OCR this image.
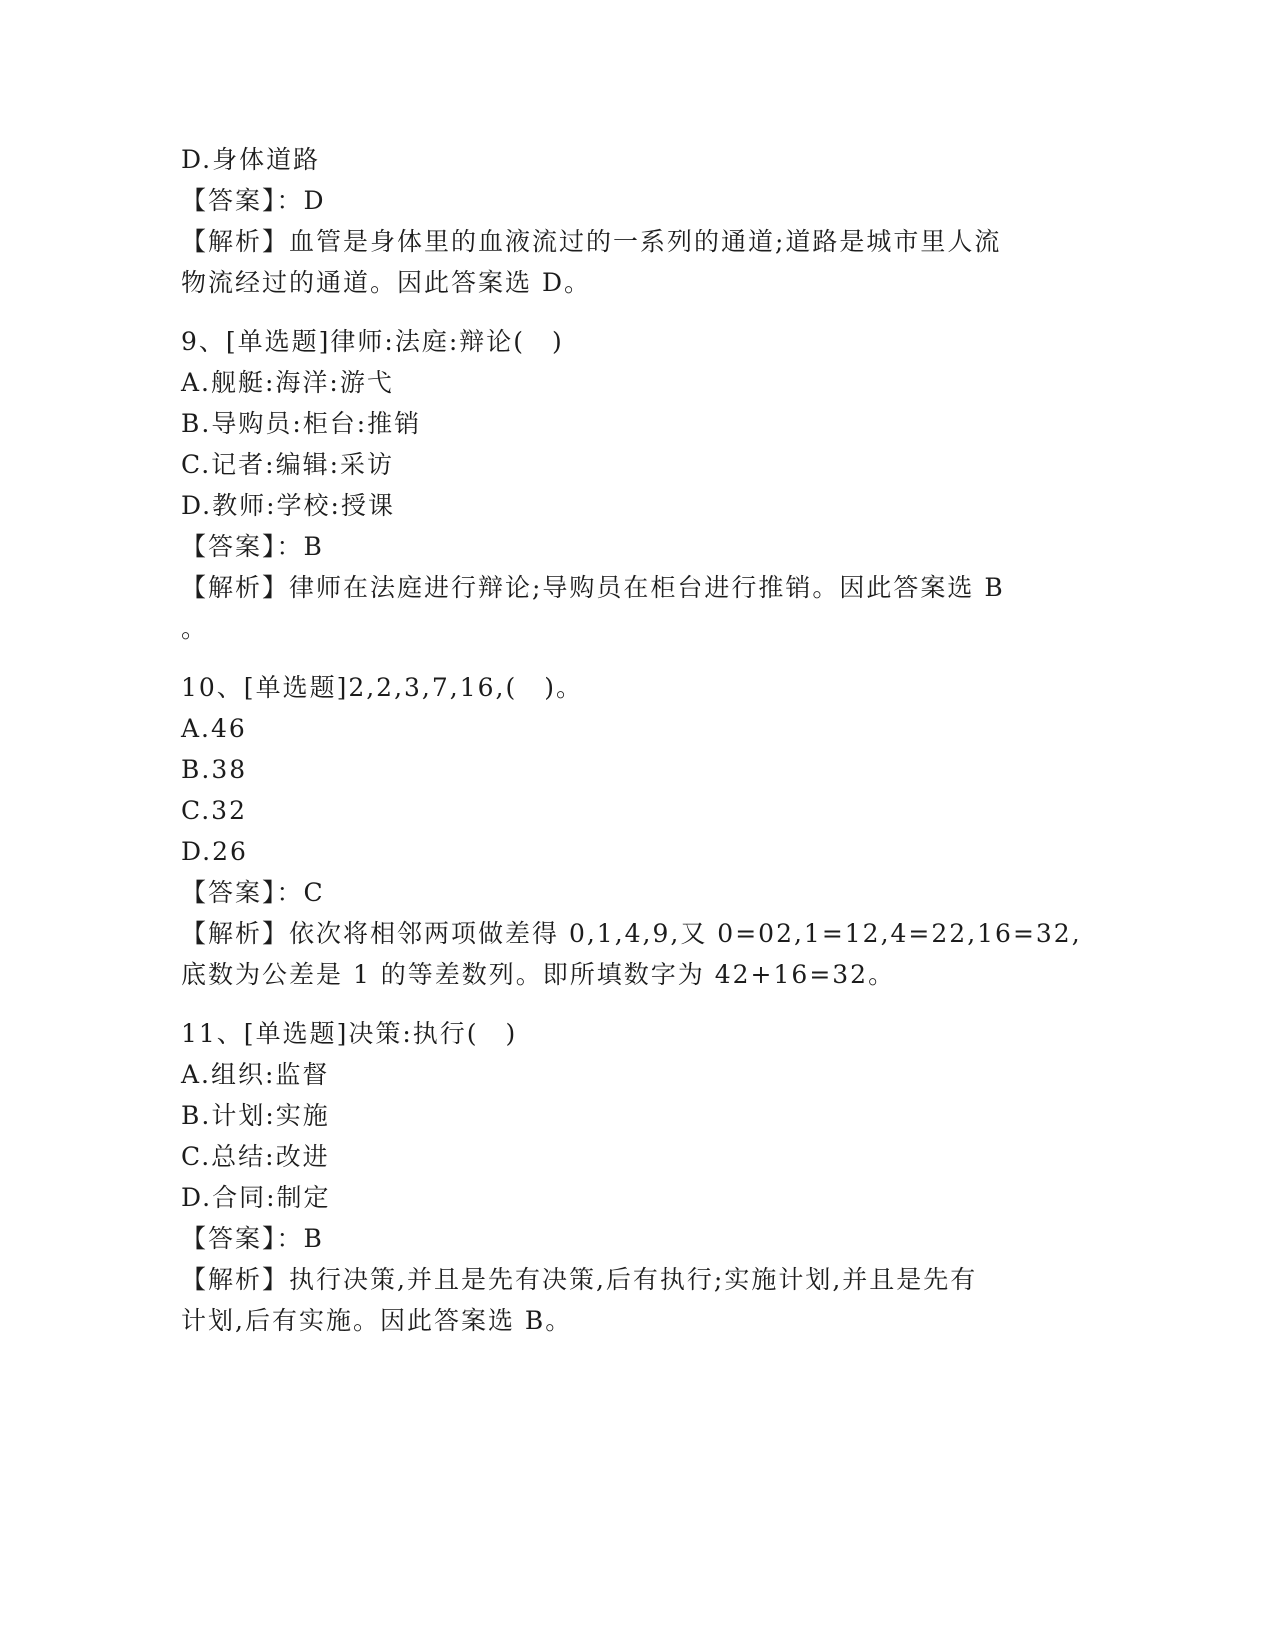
D.身体道路
【答案】：D
【解析】血管是身体里的血液流过的一系列的通道;道路是城市里人流
物流经过的通道。因此答案选 D。
9、[单选题]律师:法庭:辩论(　)
A.舰艇:海洋:游弋
B.导购员:柜台:推销
C.记者:编辑:采访
D.教师:学校:授课
【答案】：B
【解析】律师在法庭进行辩论;导购员在柜台进行推销。因此答案选 B
。
10、[单选题]2,2,3,7,16,(　)。
A.46
B.38
C.32
D.26
【答案】：C
【解析】依次将相邻两项做差得 0,1,4,9,又 0=02,1=12,4=22,16=32,
底数为公差是 1 的等差数列。即所填数字为 42+16=32。
11、[单选题]决策:执行(　)
A.组织:监督
B.计划:实施
C.总结:改进
D.合同:制定
【答案】：B
【解析】执行决策,并且是先有决策,后有执行;实施计划,并且是先有
计划,后有实施。因此答案选 B。
